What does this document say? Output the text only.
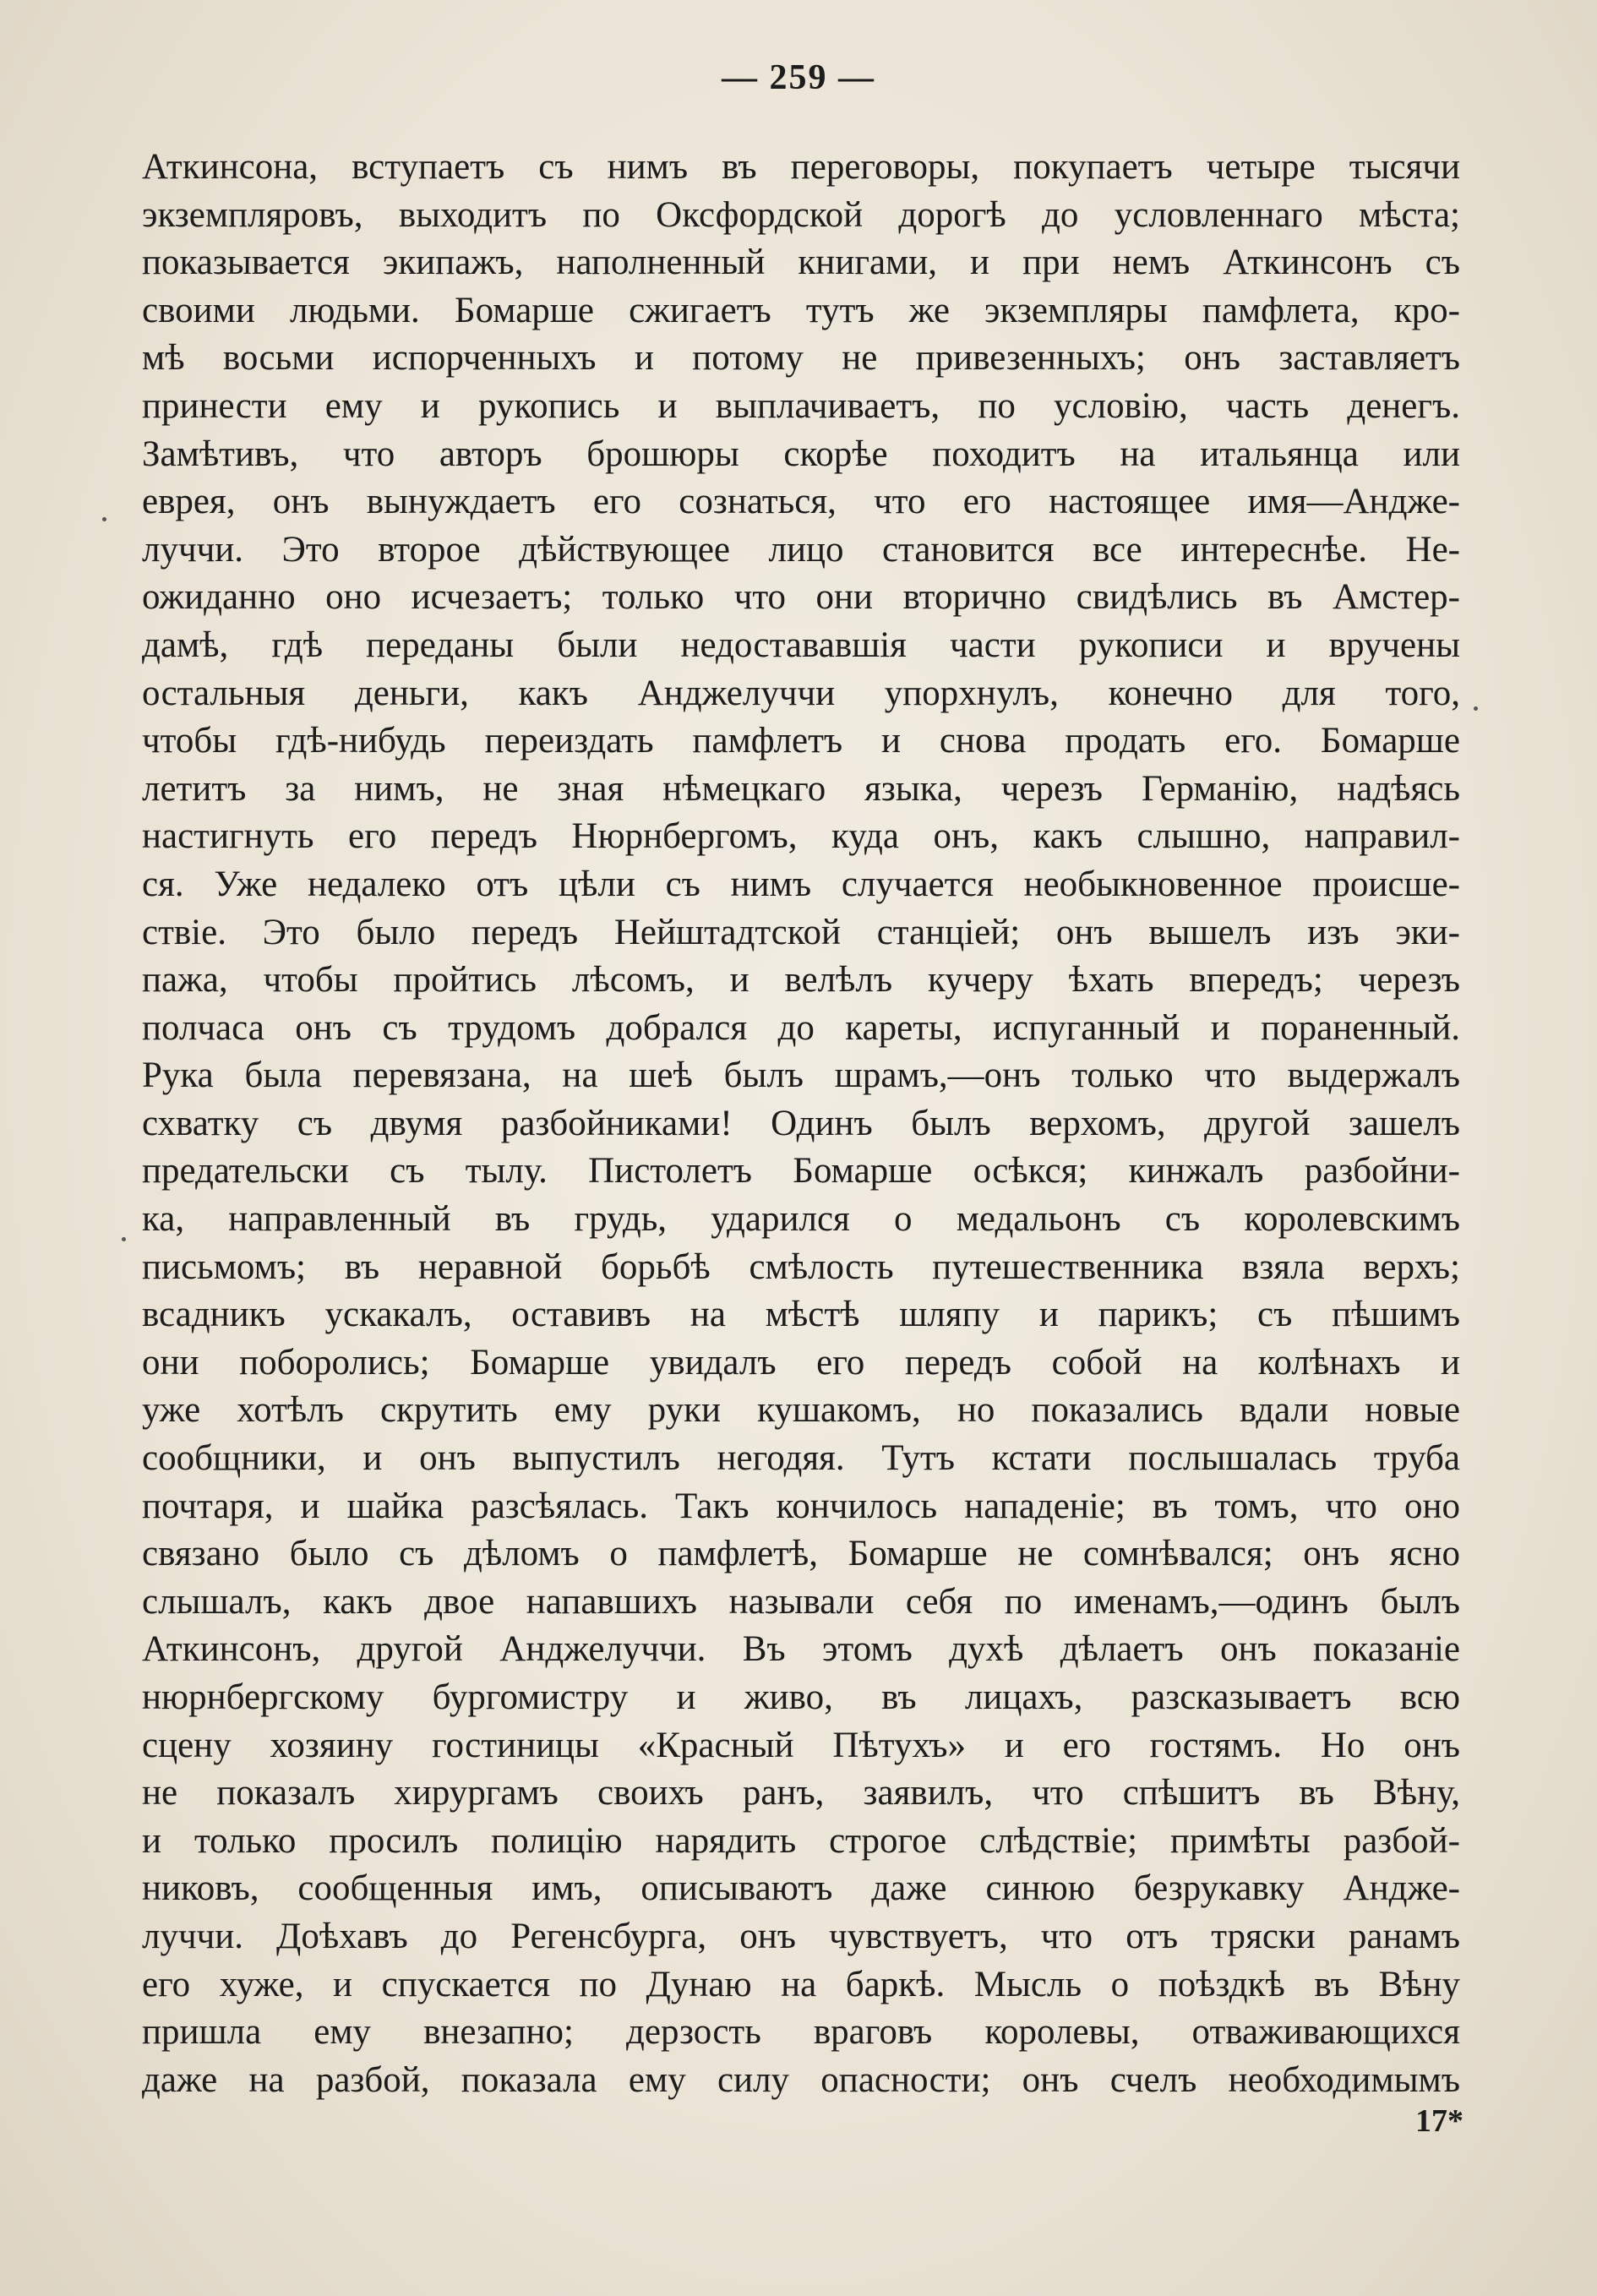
— 259 —
Аткинсона, вступаетъ съ нимъ въ переговоры, покупаетъ четыре тысячи
экземпляровъ, выходитъ по Оксфордской дорогѣ до условленнаго мѣста;
показывается экипажъ, наполненный книгами, и при немъ Аткинсонъ съ
своими людьми. Бомарше сжигаетъ тутъ же экземпляры памфлета, кро-
мѣ восьми испорченныхъ и потому не привезенныхъ; онъ заставляетъ
принести ему и рукопись и выплачиваетъ, по условію, часть денегъ.
Замѣтивъ, что авторъ брошюры скорѣе походитъ на итальянца или
еврея, онъ вынуждаетъ его сознаться, что его настоящее имя—Андже-
луччи. Это второе дѣйствующее лицо становится все интереснѣе. Не-
ожиданно оно исчезаетъ; только что они вторично свидѣлись въ Амстер-
дамѣ, гдѣ переданы были недостававшія части рукописи и вручены
остальныя деньги, какъ Анджелуччи упорхнулъ, конечно для того,
чтобы гдѣ-нибудь переиздать памфлетъ и снова продать его. Бомарше
летитъ за нимъ, не зная нѣмецкаго языка, черезъ Германію, надѣясь
настигнуть его передъ Нюрнбергомъ, куда онъ, какъ слышно, направил-
ся. Уже недалеко отъ цѣли съ нимъ случается необыкновенное происше-
ствіе. Это было передъ Нейштадтской станціей; онъ вышелъ изъ эки-
пажа, чтобы пройтись лѣсомъ, и велѣлъ кучеру ѣхать впередъ; черезъ
полчаса онъ съ трудомъ добрался до кареты, испуганный и пораненный.
Рука была перевязана, на шеѣ былъ шрамъ,—онъ только что выдержалъ
схватку съ двумя разбойниками! Одинъ былъ верхомъ, другой зашелъ
предательски съ тылу. Пистолетъ Бомарше осѣкся; кинжалъ разбойни-
ка, направленный въ грудь, ударился о медальонъ съ королевскимъ
письмомъ; въ неравной борьбѣ смѣлость путешественника взяла верхъ;
всадникъ ускакалъ, оставивъ на мѣстѣ шляпу и парикъ; съ пѣшимъ
они поборолись; Бомарше увидалъ его передъ собой на колѣнахъ и
уже хотѣлъ скрутить ему руки кушакомъ, но показались вдали новые
сообщники, и онъ выпустилъ негодяя. Тутъ кстати послышалась труба
почтаря, и шайка разсѣялась. Такъ кончилось нападеніе; въ томъ, что оно
связано было съ дѣломъ о памфлетѣ, Бомарше не сомнѣвался; онъ ясно
слышалъ, какъ двое напавшихъ называли себя по именамъ,—одинъ былъ
Аткинсонъ, другой Анджелуччи. Въ этомъ духѣ дѣлаетъ онъ показаніе
нюрнбергскому бургомистру и живо, въ лицахъ, разсказываетъ всю
сцену хозяину гостиницы «Красный Пѣтухъ» и его гостямъ. Но онъ
не показалъ хирургамъ своихъ ранъ, заявилъ, что спѣшитъ въ Вѣну,
и только просилъ полицію нарядить строгое слѣдствіе; примѣты разбой-
никовъ, сообщенныя имъ, описываютъ даже синюю безрукавку Андже-
луччи. Доѣхавъ до Регенсбурга, онъ чувствуетъ, что отъ тряски ранамъ
его хуже, и спускается по Дунаю на баркѣ. Мысль о поѣздкѣ въ Вѣну
пришла ему внезапно; дерзость враговъ королевы, отваживающихся
даже на разбой, показала ему силу опасности; онъ счелъ необходимымъ
17*
